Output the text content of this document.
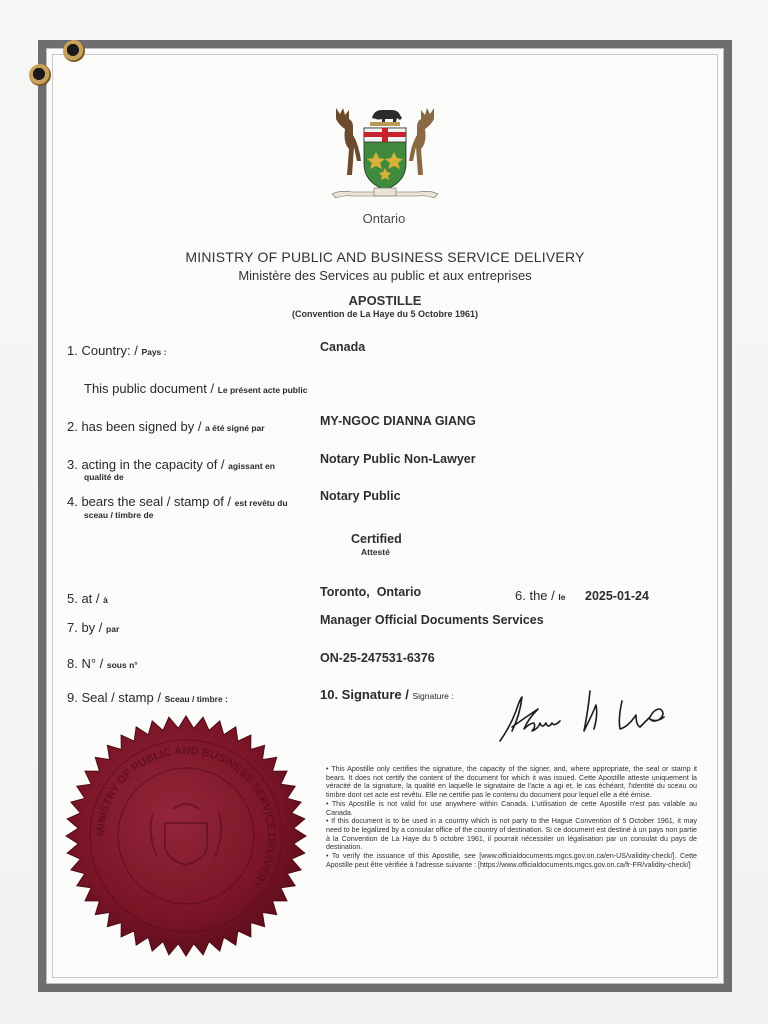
Ontario
MINISTRY OF PUBLIC AND BUSINESS SERVICE DELIVERY
Ministère des Services au public et aux entreprises
APOSTILLE
(Convention de La Haye du 5 Octobre 1961)
1. Country: / Pays :	Canada
This public document / Le présent acte public
2. has been signed by / a été signé par	MY-NGOC DIANNA GIANG
3. acting in the capacity of / agissant en
qualité de
Notary Public Non-Lawyer
4. bears the seal / stamp of / est revêtu du
sceau / timbre de
Notary Public
Certified
Attesté
5. at / à
Toronto,  Ontario	6. the / le 2025-01-24
7. by / par
Manager Official Documents Services
8. N° / sous n°	ON-25-247531-6376
9. Seal / stamp / Sceau / timbre :	10. Signature / Signature :

• This Apostille only certifies the signature, the capacity of the signer, and, where appropriate, the seal or stamp it bears. It does not certify the content of the document for which it was issued. Cette Apostille atteste uniquement la véracité de la signature, la qualité en laquelle le signataire de l'acte a agi et, le cas échéant, l'identité du sceau ou timbre dont cet acte est revêtu. Elle ne certifie pas le contenu du document pour lequel elle a été émise.

• This Apostille is not valid for use anywhere within Canada. L'utilisation de cette Apostille n'est pas valable au Canada.

• If this document is to be used in a country which is not party to the Hague Convention of 5 October 1961, it may need to be legalized by a consular office of the country of destination. Si ce document est destiné à un pays non partie à la Convention de La Haye du 5 octobre 1961, il pourrait nécessiter un légalisation par un consulat du pays de destination.

• To verify the issuance of this Apostille, see [www.officialdocuments.mgcs.gov.on.ca/en-US/validity-check/]. Cette Apostille peut être vérifiée à l'adresse suivante : [https://www.officialdocuments.mgcs.gov.on.ca/fr-FR/validity-check/]

MINISTRY OF PUBLIC AND BUSINESS SERVICE DELIVERY
